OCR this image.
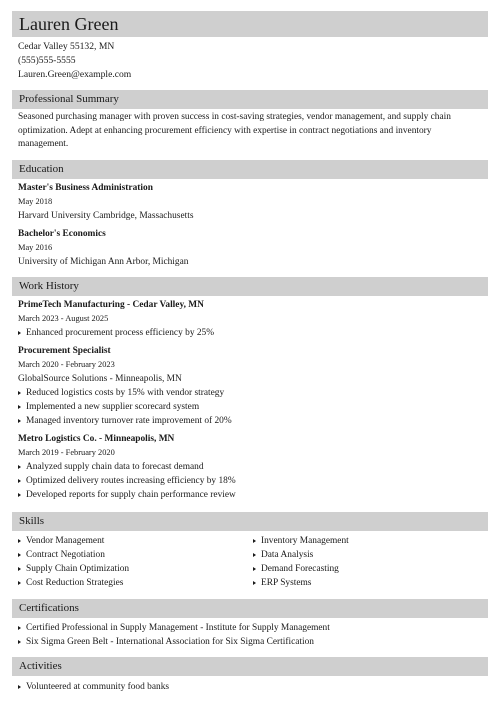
Lauren Green
Cedar Valley 55132, MN
(555)555-5555
Lauren.Green@example.com
Professional Summary
Seasoned purchasing manager with proven success in cost-saving strategies, vendor management, and supply chain optimization. Adept at enhancing procurement efficiency with expertise in contract negotiations and inventory management.
Education
Master's Business Administration
May 2018
Harvard University Cambridge, Massachusetts
Bachelor's Economics
May 2016
University of Michigan Ann Arbor, Michigan
Work History
PrimeTech Manufacturing - Cedar Valley, MN
March 2023 - August 2025
Enhanced procurement process efficiency by 25%
Procurement Specialist
March 2020 - February 2023
GlobalSource Solutions - Minneapolis, MN
Reduced logistics costs by 15% with vendor strategy
Implemented a new supplier scorecard system
Managed inventory turnover rate improvement of 20%
Metro Logistics Co. - Minneapolis, MN
March 2019 - February 2020
Analyzed supply chain data to forecast demand
Optimized delivery routes increasing efficiency by 18%
Developed reports for supply chain performance review
Skills
Vendor Management
Contract Negotiation
Supply Chain Optimization
Cost Reduction Strategies
Inventory Management
Data Analysis
Demand Forecasting
ERP Systems
Certifications
Certified Professional in Supply Management - Institute for Supply Management
Six Sigma Green Belt - International Association for Six Sigma Certification
Activities
Volunteered at community food banks
